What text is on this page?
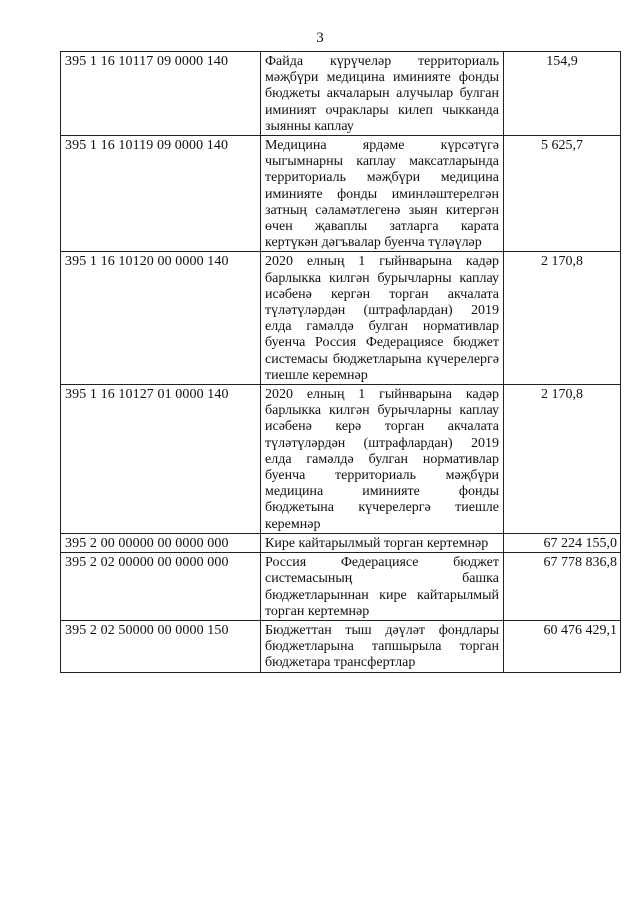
3
395 1 16 10117 09 0000 140	Файда күрүчеләр территориаль мәҗбүри медицина иминияте фонды бюджеты акчаларын алучылар булган иминият очраклары килеп чыкканда зыянны каплау	154,9
395 1 16 10119 09 0000 140	Медицина ярдәме күрсәтүгә чыгымнарны каплау максатларында территориаль мәҗбүри медицина иминияте фонды иминләштерелгән затның сәламәтлегенә зыян китергән өчен җаваплы затларга карата кертүкән дәгъвалар буенча түләүләр	5 625,7
395 1 16 10120 00 0000 140	2020 елның 1 гыйнварына кадәр барлыкка килгән бурычларны каплау исәбенә кергән торган акчалата түләтүләрдән (штрафлардан) 2019 елда гамәлдә булган нормативлар буенча Россия Федерациясе бюджет системасы бюджетларына күчерелергә тиешле керемнәр	2 170,8
395 1 16 10127 01 0000 140	2020 елның 1 гыйнварына кадәр барлыкка килгән бурычларны каплау исәбенә керә торган акчалата түләтүләрдән (штрафлардан) 2019 елда гамәлдә булган нормативлар буенча территориаль мәҗбүри медицина иминияте фонды бюджетына күчерелергә тиешле керемнәр	2 170,8
395 2 00 00000 00 0000 000	Кире кайтарылмый торган кертемнәр	67 224 155,0
395 2 02 00000 00 0000 000	Россия Федерациясе бюджет системасының башка бюджетларыннан кире кайтарылмый торган кертемнәр	67 778 836,8
395 2 02 50000 00 0000 150	Бюджеттан тыш дәүләт фондлары бюджетларына тапшырыла торган бюджетара трансфертлар	60 476 429,1
